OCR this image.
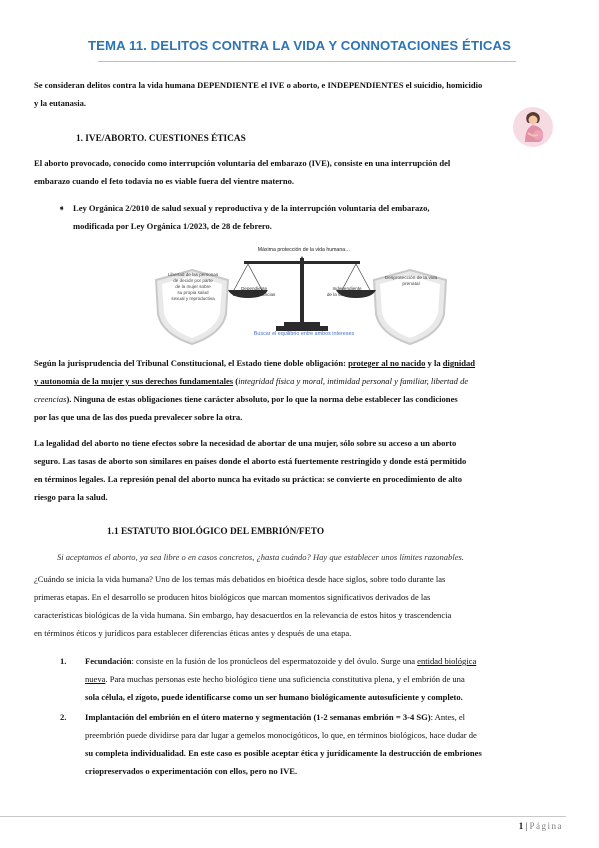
TEMA 11. DELITOS CONTRA LA VIDA Y CONNOTACIONES ÉTICAS
Se consideran delitos contra la vida humana DEPENDIENTE el IVE o aborto, e INDEPENDIENTES el suicidio, homicidio
y la eutanasia.
1. IVE/ABORTO. CUESTIONES ÉTICAS
El aborto provocado, conocido como interrupción voluntaria del embarazo (IVE), consiste en una interrupción del
embarazo cuando el feto todavía no es viable fuera del vientre materno.
➧ Ley Orgánica 2/2010 de salud sexual y reproductiva y de la interrupción voluntaria del embarazo,
modificada por Ley Orgánica 1/2023, de 28 de febrero.
Libertad de las personas
de decidir por parte
de la mujer sobre
su propia salud
sexual y reproductiva
Desprotección de la vida
prenatal
Máxima protección de la vida humana…
Dependiente
de las circunstancias
Independiente
de la viabilidad fetal
Buscar el equilibrio entre ambos intereses
Según la jurisprudencia del Tribunal Constitucional, el Estado tiene doble obligación: proteger al no nacido y la dignidad
y autonomía de la mujer y sus derechos fundamentales (integridad física y moral, intimidad personal y familiar, libertad de
creencias). Ninguna de estas obligaciones tiene carácter absoluto, por lo que la norma debe establecer las condiciones
por las que una de las dos pueda prevalecer sobre la otra.
La legalidad del aborto no tiene efectos sobre la necesidad de abortar de una mujer, sólo sobre su acceso a un aborto
seguro. Las tasas de aborto son similares en países donde el aborto está fuertemente restringido y donde está permitido
en términos legales. La represión penal del aborto nunca ha evitado su práctica: se convierte en procedimiento de alto
riesgo para la salud.
1.1 ESTATUTO BIOLÓGICO DEL EMBRIÓN/FETO
Si aceptamos el aborto, ya sea libre o en casos concretos, ¿hasta cuándo? Hay que establecer unos límites razonables.
¿Cuándo se inicia la vida humana? Uno de los temas más debatidos en bioética desde hace siglos, sobre todo durante las
primeras etapas. En el desarrollo se producen hitos biológicos que marcan momentos significativos derivados de las
características biológicas de la vida humana. Sin embargo, hay desacuerdos en la relevancia de estos hitos y trascendencia
en términos éticos y jurídicos para establecer diferencias éticas antes y después de una etapa.
1. Fecundación: consiste en la fusión de los pronúcleos del espermatozoide y del óvulo. Surge una entidad biológica
nueva. Para muchas personas este hecho biológico tiene una suficiencia constitutiva plena, y el embrión de una
sola célula, el zigoto, puede identificarse como un ser humano biológicamente autosuficiente y completo.
2. Implantación del embrión en el útero materno y segmentación (1-2 semanas embrión = 3-4 SG): Antes, el
preembrión puede dividirse para dar lugar a gemelos monocigóticos, lo que, en términos biológicos, hace dudar de
su completa individualidad. En este caso es posible aceptar ética y jurídicamente la destrucción de embriones
criopreservados o experimentación con ellos, pero no IVE.
1 | Página
